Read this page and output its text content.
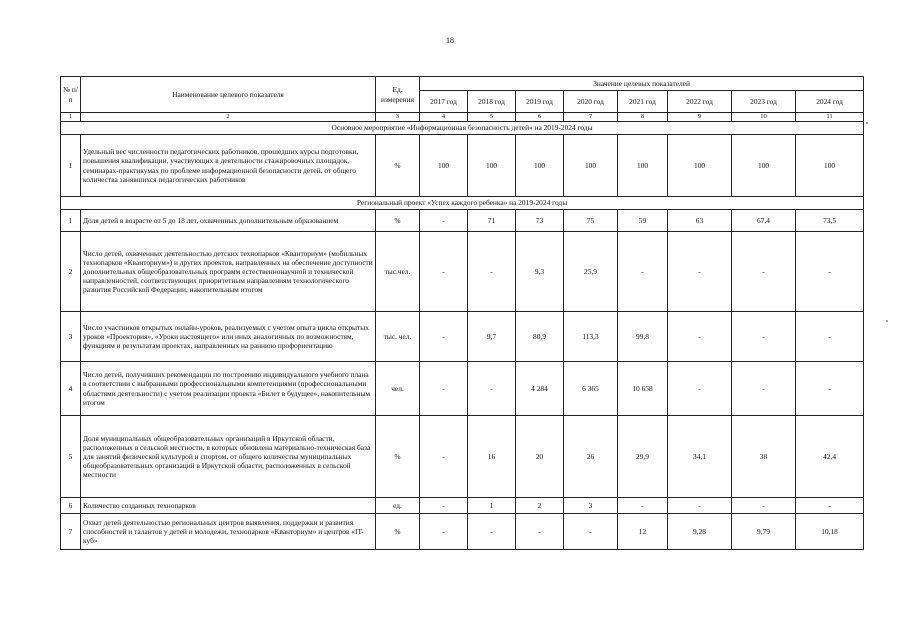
18
№ п/п	Наименование целевого показателя	Ед. измерения	Значение целевых показателей							
			2017 год	2018 год	2019 год	2020 год	2021 год	2022 год	2023 год	2024 год
1	2	3	4	5	6	7	8	9	10	11
Основное мероприятие «Информационная безопасность детей» на 2019-2024 годы										
1	Удельный вес численности педагогических работников, прошедших курсы подготовки, повышения квалификации, участвующих в деятельности стажировочных площадок, семинарах-практикумах по проблеме информационной безопасности детей, от общего количества занявшихся педагогических работников	%	100	100	100	100	100	100	100	100
Региональный проект «Успех каждого ребенка» на 2019-2024 годы										
1	Доля детей в возрасте от 5 до 18 лет, охваченных дополнительным образованием	%	-	71	73	75	59	63	67,4	73,5
2	Число детей, охваченных деятельностью детских технопарков «Кванториум» (мобильных технопарков «Кванториум») и других проектов, направленных на обеспечение доступности дополнительных общеобразовательных программ естественнонаучной и технической направленностей, соответствующих приоритетным направлениям технологического развития Российской Федерации, накопительным итогом	тыс.чел.	-	-	9,3	25,9	-	-	-	-
3	Число участников открытых онлайн-уроков, реализуемых с учетом опыта цикла открытых уроков «Проектория», «Уроки настоящего» или иных аналогичных по возможностям, функциям и результатам проектах, направленных на раннюю профориентацию	тыс. чел.	-	9,7	80,9	113,3	99,8	-	-	-
4	Число детей, получивших рекомендации по построению индивидуального учебного плана в соответствии с выбранными профессиональными компетенциями (профессиональными областями деятельности) с учетом реализации проекта «Билет в будущее», накопительным итогом	чел.	-	-	4 284	6 365	10 658	-	-	-
5	Доля муниципальных общеобразовательных организаций в Иркутской области, расположенных в сельской местности, в которых обновлена материально-техническая база для занятий физической культурой и спортом, от общего количества муниципальных общеобразовательных организаций в Иркутской области, расположенных в сельской местности	%	-	16	20	26	29,9	34,1	38	42,4
6	Количество созданных технопарков	ед.	-	1	2	3	-	-	-	-
7	Охват детей деятельностью региональных центров выявления, поддержки и развития способностей и талантов у детей и молодежи, технопарков «Кванториум» и центров «IT-куб»	%	-	-	-	-	12	9,28	9,79	10,18
